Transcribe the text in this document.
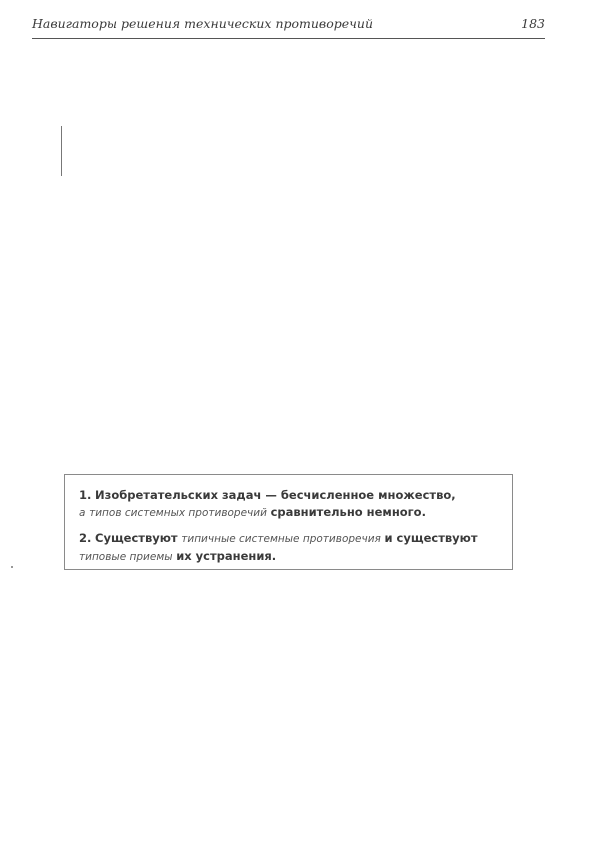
Навигаторы решения технических противоречий	183

1. Изобретательских задач — бесчисленное множество,
а типов системных противоречий сравнительно немного.

2. Существуют типичные системные противоречия и существуют
типовые приемы их устранения.
